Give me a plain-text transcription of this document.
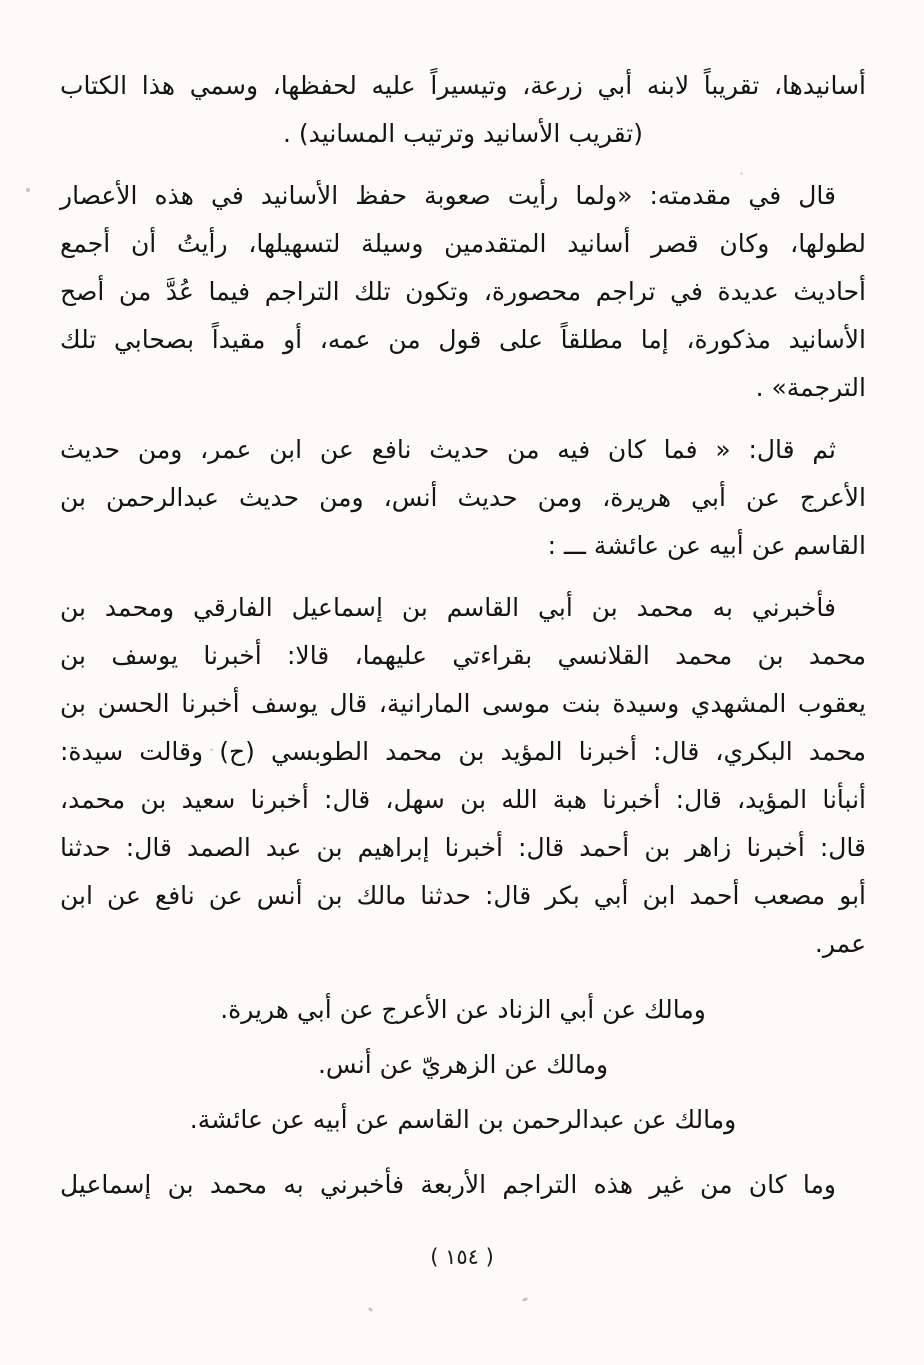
أسانيدها، تقريباً لابنه أبي زرعة، وتيسيراً عليه لحفظها، وسمي هذا الكتاب
(تقريب الأسانيد وترتيب المسانيد) .
قال في مقدمته: «ولما رأيت صعوبة حفظ الأسانيد في هذه الأعصار
لطولها، وكان قصر أسانيد المتقدمين وسيلة لتسهيلها، رأيتُ أن أجمع
أحاديث عديدة في تراجم محصورة، وتكون تلك التراجم فيما عُدَّ من أصح
الأسانيد مذكورة، إما مطلقاً على قول من عمه، أو مقيداً بصحابي تلك
الترجمة» .
ثم قال: « فما كان فيه من حديث نافع عن ابن عمر، ومن حديث
الأعرج عن أبي هريرة، ومن حديث أنس، ومن حديث عبدالرحمن بن
القاسم عن أبيه عن عائشة ـــ :
فأخبرني به محمد بن أبي القاسم بن إسماعيل الفارقي ومحمد بن
محمد بن محمد القلانسي بقراءتي عليهما، قالا: أخبرنا يوسف بن
يعقوب المشهدي وسيدة بنت موسى المارانية، قال يوسف أخبرنا الحسن بن
محمد البكري، قال: أخبرنا المؤيد بن محمد الطوبسي (ح) وقالت سيدة:
أنبأنا المؤيد، قال: أخبرنا هبة الله بن سهل، قال: أخبرنا سعيد بن محمد،
قال: أخبرنا زاهر بن أحمد قال: أخبرنا إبراهيم بن عبد الصمد قال: حدثنا
أبو مصعب أحمد ابن أبي بكر قال: حدثنا مالك بن أنس عن نافع عن ابن
عمر.
ومالك عن أبي الزناد عن الأعرج عن أبي هريرة.
ومالك عن الزهريّ عن أنس.
ومالك عن عبدالرحمن بن القاسم عن أبيه عن عائشة.
وما كان من غير هذه التراجم الأربعة فأخبرني به محمد بن إسماعيل
( ١٥٤ )
